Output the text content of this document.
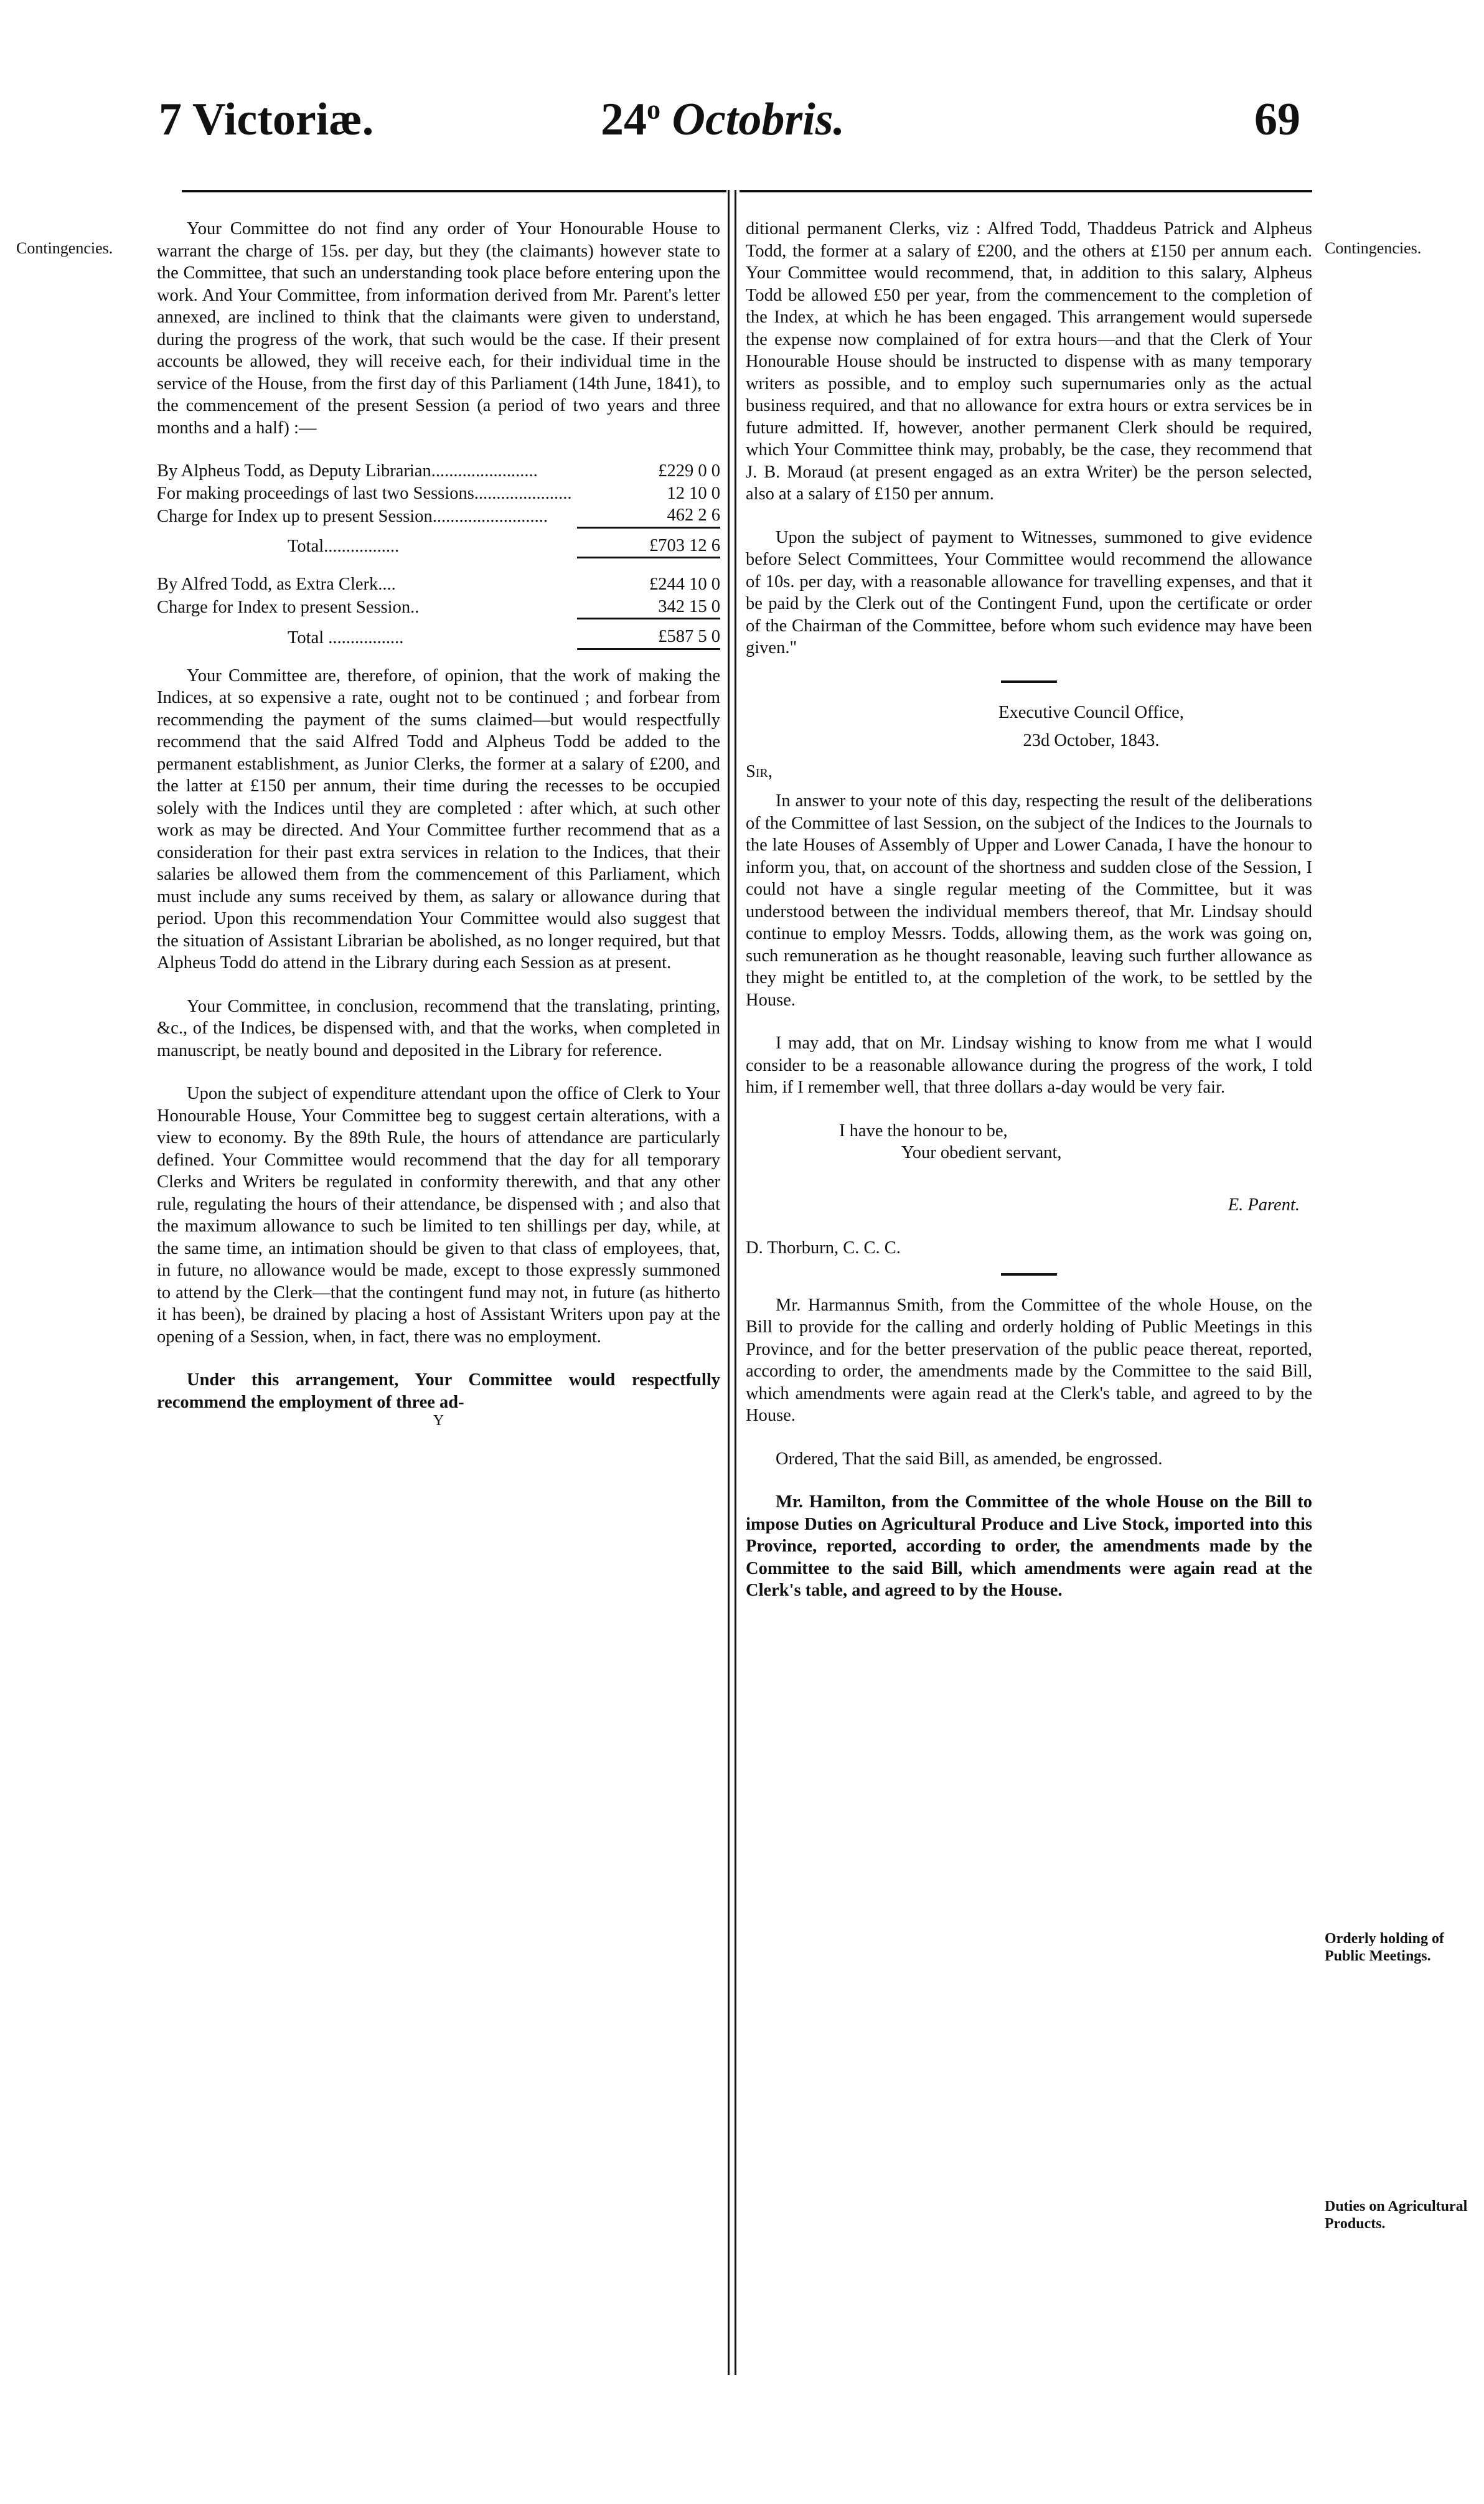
7 Victoriæ.	24$^o$ Octobris.	69
Contingencies.	Contingencies.
Orderly holding of Public Meetings.
Duties on Agricultural Products.

Your Committee do not find any order of Your Honourable House to warrant the charge of 15s. per day, but they (the claimants) however state to the Committee, that such an understanding took place before entering upon the work. And Your Committee, from information derived from Mr. Parent's letter annexed, are inclined to think that the claimants were given to understand, during the progress of the work, that such would be the case. If their present accounts be allowed, they will receive each, for their individual time in the service of the House, from the first day of this Parliament (14th June, 1841), to the commencement of the present Session (a period of two years and three months and a half) :—

By Alpheus Todd, as Deputy Librarian........................	£229 0 0
For making proceedings of last two Sessions......................	12 10 0
Charge for Index up to present Session..........................	462 2 6
Total.................	£703 12 6
By Alfred Todd, as Extra Clerk....	£244 10 0
Charge for Index to present Session..	342 15 0
Total .................	£587 5 0

Your Committee are, therefore, of opinion, that the work of making the Indices, at so expensive a rate, ought not to be continued ; and forbear from recommending the payment of the sums claimed—but would respectfully recommend that the said Alfred Todd and Alpheus Todd be added to the permanent establishment, as Junior Clerks, the former at a salary of £200, and the latter at £150 per annum, their time during the recesses to be occupied solely with the Indices until they are completed : after which, at such other work as may be directed. And Your Committee further recommend that as a consideration for their past extra services in relation to the Indices, that their salaries be allowed them from the commencement of this Parliament, which must include any sums received by them, as salary or allowance during that period. Upon this recommendation Your Committee would also suggest that the situation of Assistant Librarian be abolished, as no longer required, but that Alpheus Todd do attend in the Library during each Session as at present.

Your Committee, in conclusion, recommend that the translating, printing, &c., of the Indices, be dispensed with, and that the works, when completed in manuscript, be neatly bound and deposited in the Library for reference.

Upon the subject of expenditure attendant upon the office of Clerk to Your Honourable House, Your Committee beg to suggest certain alterations, with a view to economy. By the 89th Rule, the hours of attendance are particularly defined. Your Committee would recommend that the day for all temporary Clerks and Writers be regulated in conformity therewith, and that any other rule, regulating the hours of their attendance, be dispensed with ; and also that the maximum allowance to such be limited to ten shillings per day, while, at the same time, an intimation should be given to that class of employees, that, in future, no allowance would be made, except to those expressly summoned to attend by the Clerk—that the contingent fund may not, in future (as hitherto it has been), be drained by placing a host of Assistant Writers upon pay at the opening of a Session, when, in fact, there was no employment.

Under this arrangement, Your Committee would respectfully recommend the employment of three ad-

Y

ditional permanent Clerks, viz : Alfred Todd, Thaddeus Patrick and Alpheus Todd, the former at a salary of £200, and the others at £150 per annum each. Your Committee would recommend, that, in addition to this salary, Alpheus Todd be allowed £50 per year, from the commencement to the completion of the Index, at which he has been engaged. This arrangement would supersede the expense now complained of for extra hours—and that the Clerk of Your Honourable House should be instructed to dispense with as many temporary writers as possible, and to employ such supernumaries only as the actual business required, and that no allowance for extra hours or extra services be in future admitted. If, however, another permanent Clerk should be required, which Your Committee think may, probably, be the case, they recommend that J. B. Moraud (at present engaged as an extra Writer) be the person selected, also at a salary of £150 per annum.

Upon the subject of payment to Witnesses, summoned to give evidence before Select Committees, Your Committee would recommend the allowance of 10s. per day, with a reasonable allowance for travelling expenses, and that it be paid by the Clerk out of the Contingent Fund, upon the certificate or order of the Chairman of the Committee, before whom such evidence may have been given."

Executive Council Office,
23d October, 1843.
Sir,

In answer to your note of this day, respecting the result of the deliberations of the Committee of last Session, on the subject of the Indices to the Journals to the late Houses of Assembly of Upper and Lower Canada, I have the honour to inform you, that, on account of the shortness and sudden close of the Session, I could not have a single regular meeting of the Committee, but it was understood between the individual members thereof, that Mr. Lindsay should continue to employ Messrs. Todds, allowing them, as the work was going on, such remuneration as he thought reasonable, leaving such further allowance as they might be entitled to, at the completion of the work, to be settled by the House.

I may add, that on Mr. Lindsay wishing to know from me what I would consider to be a reasonable allowance during the progress of the work, I told him, if I remember well, that three dollars a-day would be very fair.

I have the honour to be,
Your obedient servant,
E. Parent.
D. Thorburn, C. C. C.

Mr. Harmannus Smith, from the Committee of the whole House, on the Bill to provide for the calling and orderly holding of Public Meetings in this Province, and for the better preservation of the public peace thereat, reported, according to order, the amendments made by the Committee to the said Bill, which amendments were again read at the Clerk's table, and agreed to by the House.

Ordered, That the said Bill, as amended, be engrossed.

Mr. Hamilton, from the Committee of the whole House on the Bill to impose Duties on Agricultural Produce and Live Stock, imported into this Province, reported, according to order, the amendments made by the Committee to the said Bill, which amendments were again read at the Clerk's table, and agreed to by the House.
